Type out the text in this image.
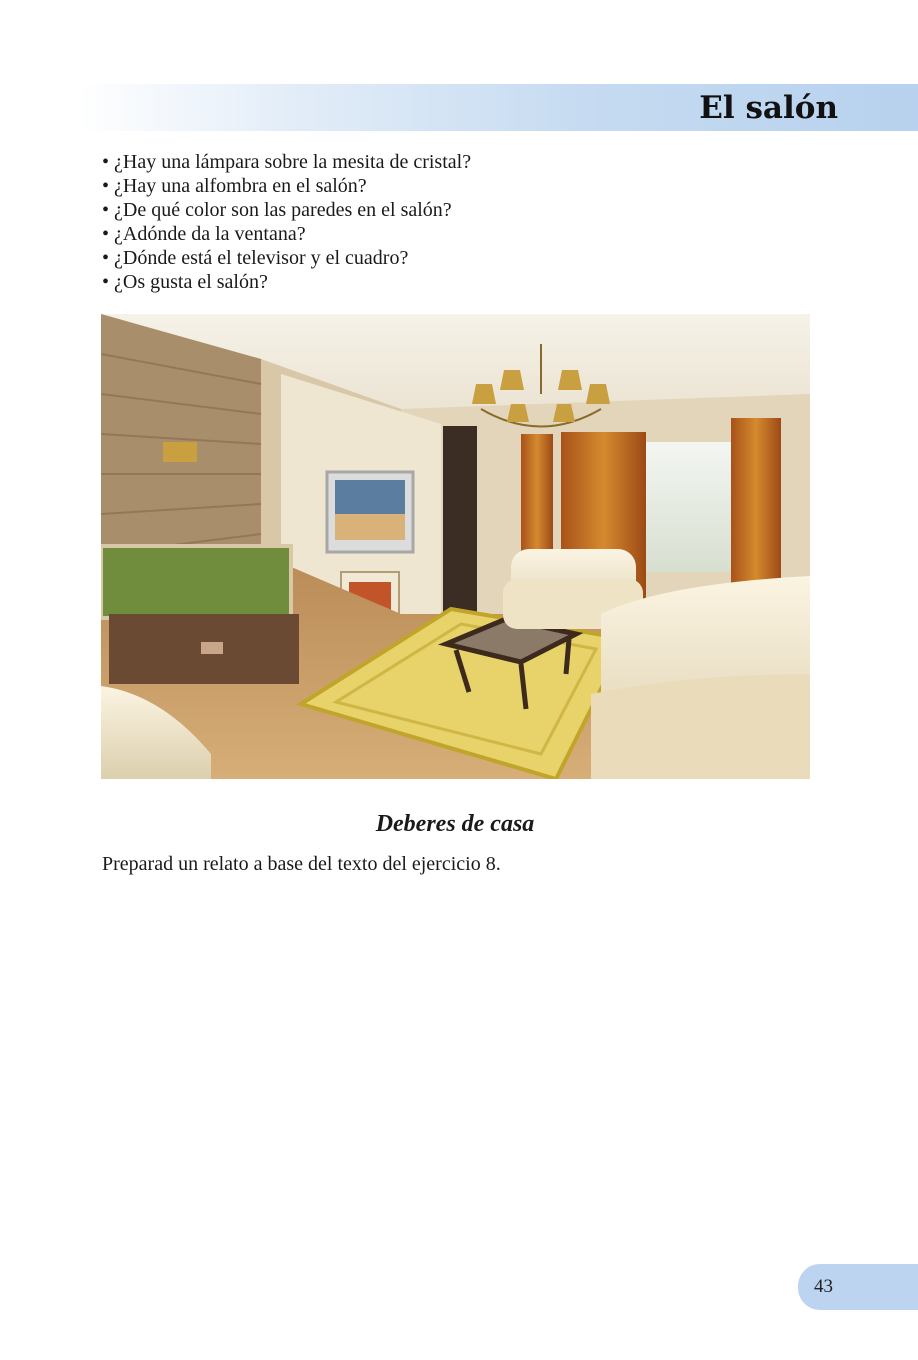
El salón
• ¿Hay una lámpara sobre la mesita de cristal?
• ¿Hay una alfombra en el salón?
• ¿De qué color son las paredes en el salón?
• ¿Adónde da la ventana?
• ¿Dónde está el televisor y el cuadro?
• ¿Os gusta el salón?
Deberes de casa
Preparad un relato a base del texto del ejercicio 8.
43
